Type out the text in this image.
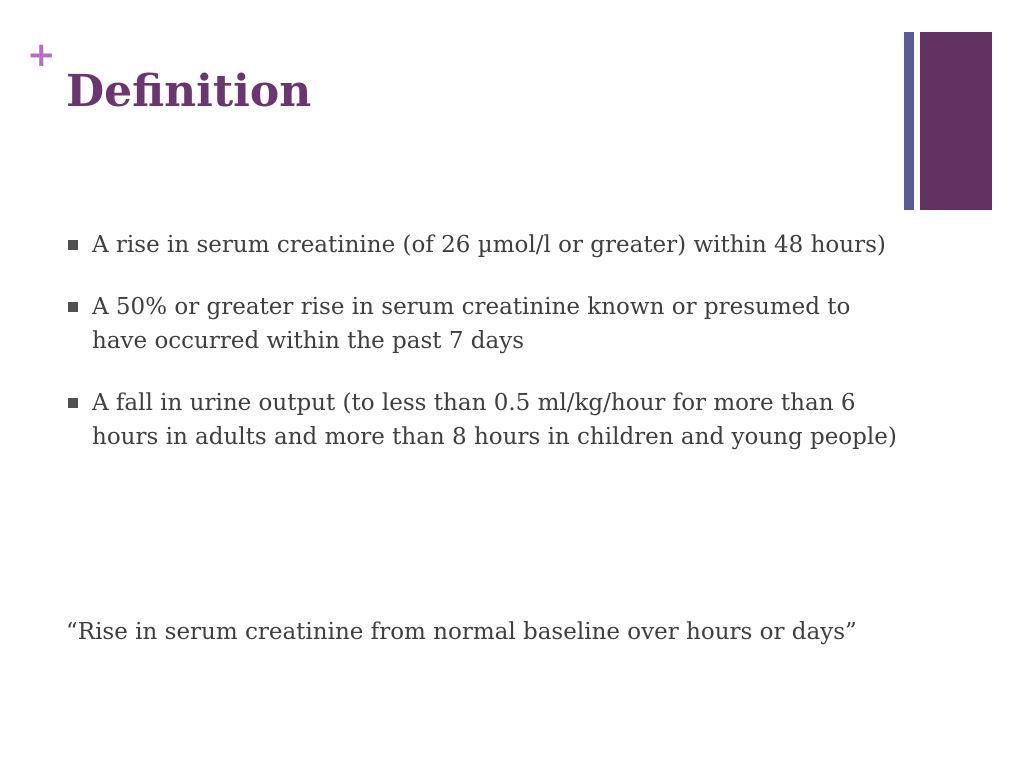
+
Definition
A rise in serum creatinine (of 26 µmol/l or greater) within 48 hours)
A 50% or greater rise in serum creatinine known or presumed to have occurred within the past 7 days
A fall in urine output (to less than 0.5 ml/kg/hour for more than 6 hours in adults and more than 8 hours in children and young people)

“Rise in serum creatinine from normal baseline over hours or days”
